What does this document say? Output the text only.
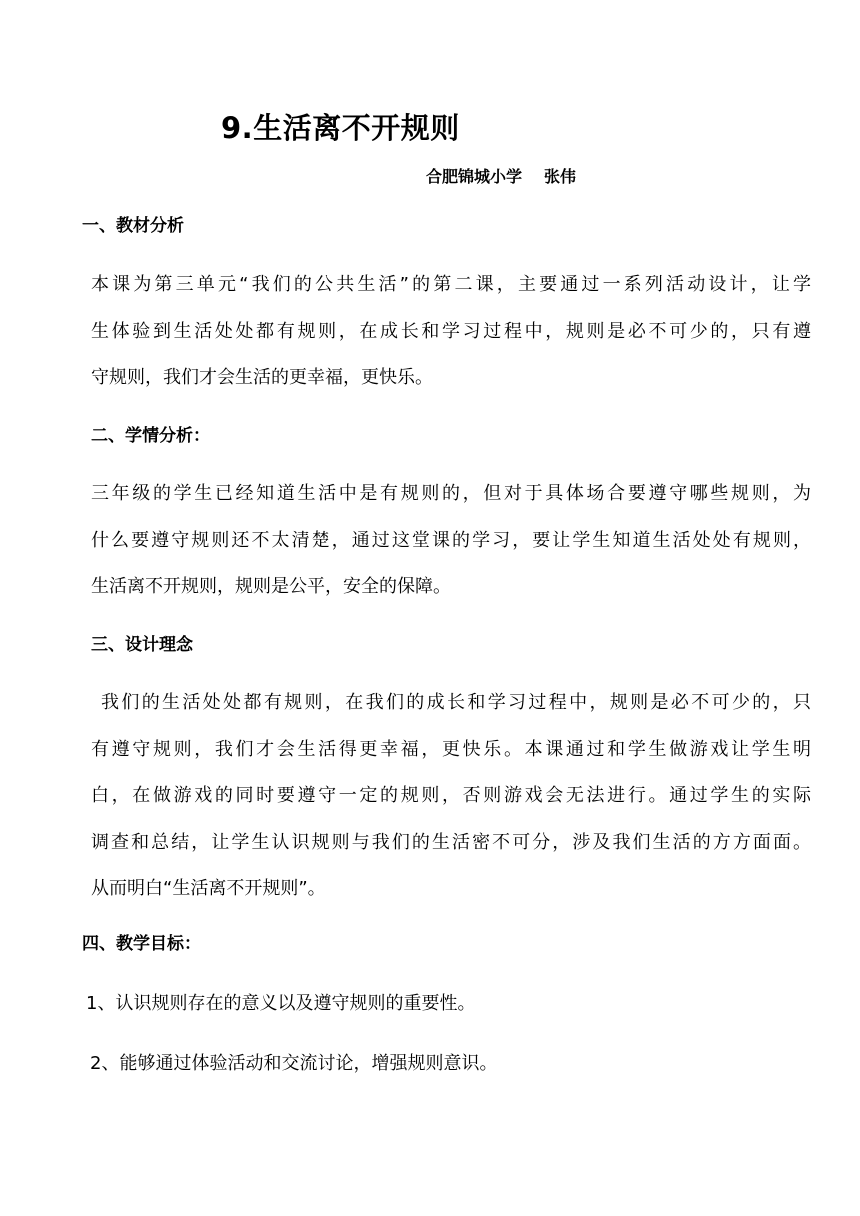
9.生活离不开规则
合肥锦城小学 张伟
一、教材分析
本课为第三单元“我们的公共生活”的第二课，主要通过一系列活动设计，让学
生体验到生活处处都有规则，在成长和学习过程中，规则是必不可少的，只有遵
守规则，我们才会生活的更幸福，更快乐。
二、学情分析：
三年级的学生已经知道生活中是有规则的，但对于具体场合要遵守哪些规则，为
什么要遵守规则还不太清楚，通过这堂课的学习，要让学生知道生活处处有规则，
生活离不开规则，规则是公平，安全的保障。
三、设计理念
我们的生活处处都有规则，在我们的成长和学习过程中，规则是必不可少的，只
有遵守规则，我们才会生活得更幸福，更快乐。本课通过和学生做游戏让学生明
白，在做游戏的同时要遵守一定的规则，否则游戏会无法进行。通过学生的实际
调查和总结，让学生认识规则与我们的生活密不可分，涉及我们生活的方方面面。
从而明白“生活离不开规则”。
四、教学目标：
1、认识规则存在的意义以及遵守规则的重要性。
2、能够通过体验活动和交流讨论，增强规则意识。
